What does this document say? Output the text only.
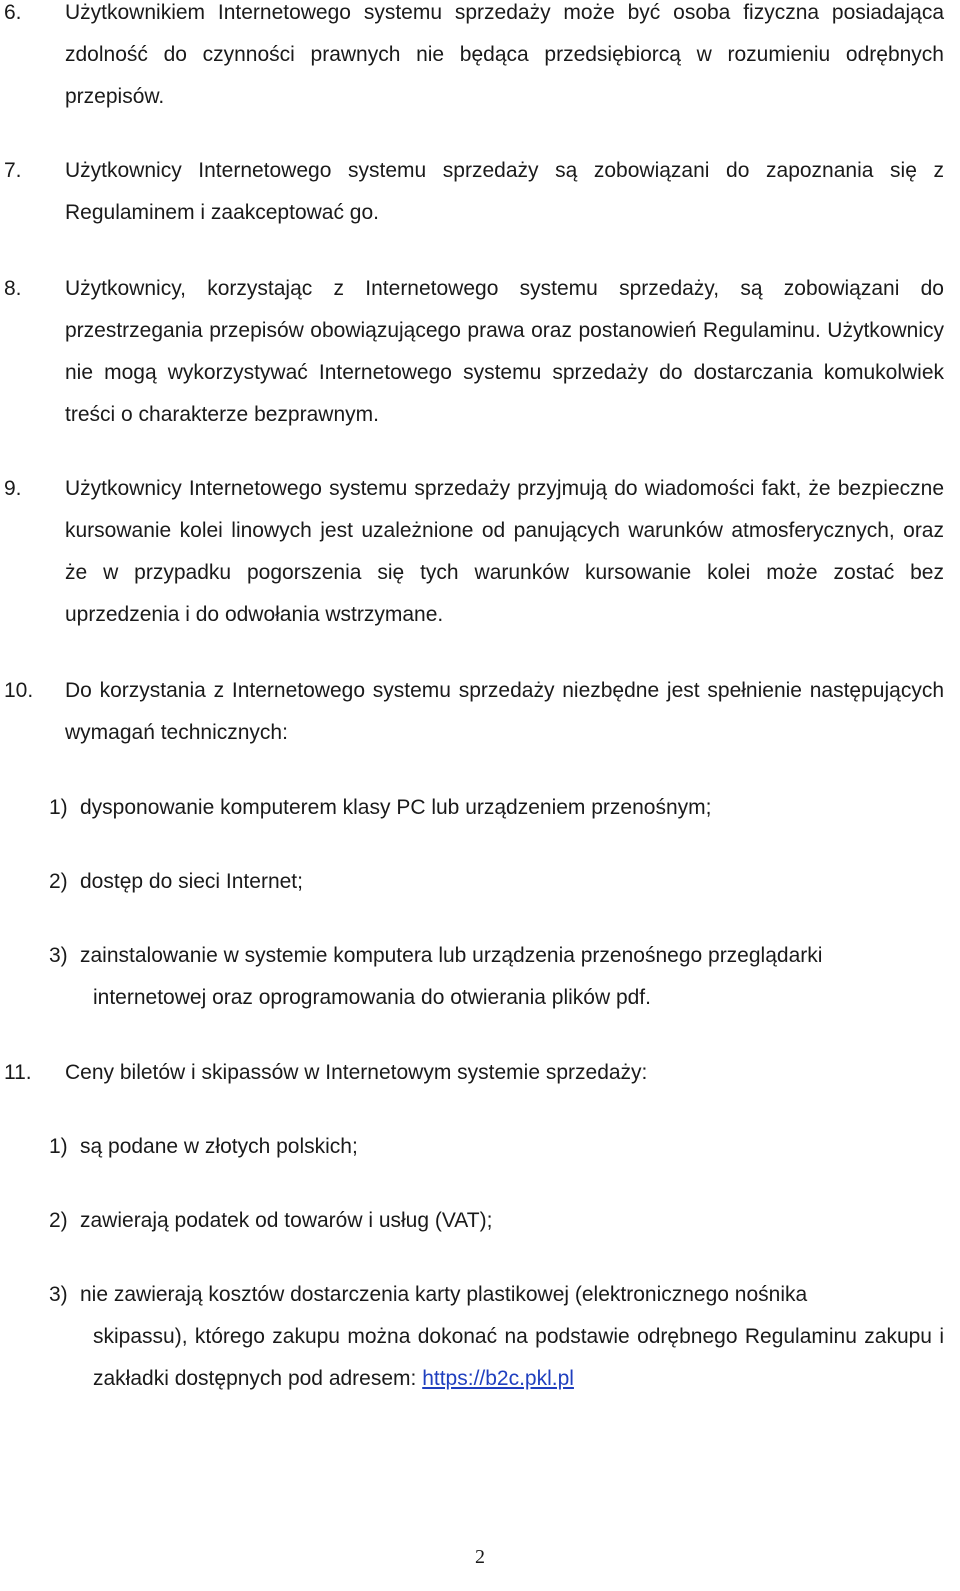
6. Użytkownikiem Internetowego systemu sprzedaży może być osoba fizyczna posiadająca zdolność do czynności prawnych nie będąca przedsiębiorcą w rozumieniu odrębnych przepisów.
7. Użytkownicy Internetowego systemu sprzedaży są zobowiązani do zapoznania się z Regulaminem i zaakceptować go.
8. Użytkownicy, korzystając z Internetowego systemu sprzedaży, są zobowiązani do przestrzegania przepisów obowiązującego prawa oraz postanowień Regulaminu. Użytkownicy nie mogą wykorzystywać Internetowego systemu sprzedaży do dostarczania komukolwiek treści o charakterze bezprawnym.
9. Użytkownicy Internetowego systemu sprzedaży przyjmują do wiadomości fakt, że bezpieczne kursowanie kolei linowych jest uzależnione od panujących warunków atmosferycznych, oraz że w przypadku pogorszenia się tych warunków kursowanie kolei może zostać bez uprzedzenia i do odwołania wstrzymane.
10. Do korzystania z Internetowego systemu sprzedaży niezbędne jest spełnienie następujących wymagań technicznych:
1) dysponowanie komputerem klasy PC lub urządzeniem przenośnym;
2) dostęp do sieci Internet;
3) zainstalowanie w systemie komputera lub urządzenia przenośnego przeglądarki
internetowej oraz oprogramowania do otwierania plików pdf.
11. Ceny biletów i skipassów w Internetowym systemie sprzedaży:
1) są podane w złotych polskich;
2) zawierają podatek od towarów i usług (VAT);
3) nie zawierają kosztów dostarczenia karty plastikowej (elektronicznego nośnika
skipassu), którego zakupu można dokonać na podstawie odrębnego Regulaminu zakupu i zakładki dostępnych pod adresem: https://b2c.pkl.pl
2
